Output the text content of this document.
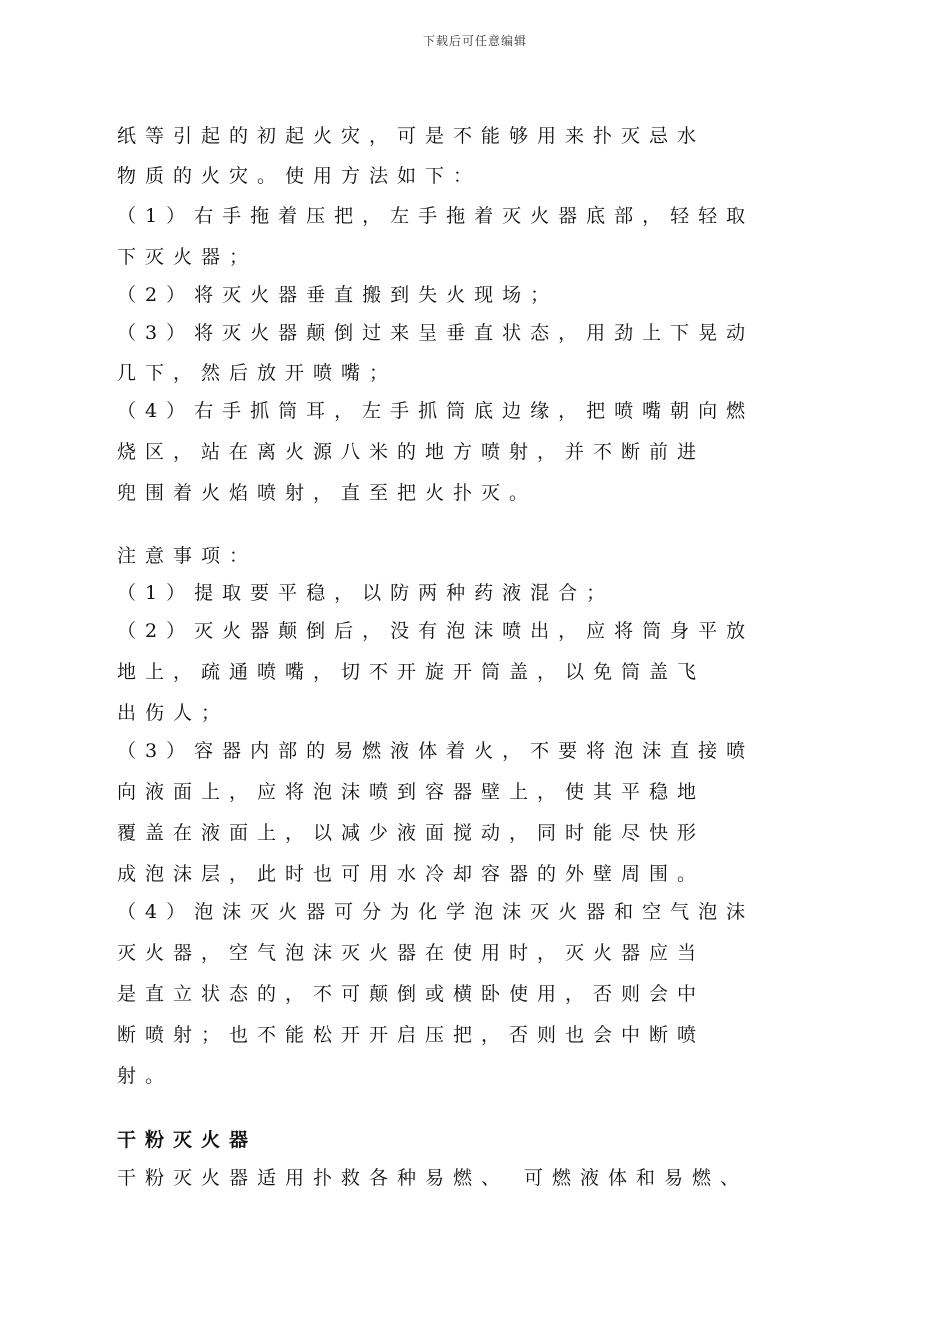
下载后可任意编辑
纸等引起的初起火灾，可是不能够用来扑灭忌水
物质的火灾。使用方法如下：
（1）右手拖着压把，左手拖着灭火器底部，轻轻取
下灭火器；
（2）将灭火器垂直搬到失火现场；
（3）将灭火器颠倒过来呈垂直状态，用劲上下晃动
几下，然后放开喷嘴；
（4）右手抓筒耳，左手抓筒底边缘，把喷嘴朝向燃
烧区，站在离火源八米的地方喷射，并不断前进
兜围着火焰喷射，直至把火扑灭。
注意事项：
（1）提取要平稳，以防两种药液混合；
（2）灭火器颠倒后，没有泡沫喷出，应将筒身平放
地上，疏通喷嘴，切不开旋开筒盖，以免筒盖飞
出伤人；
（3）容器内部的易燃液体着火，不要将泡沫直接喷
向液面上，应将泡沫喷到容器壁上，使其平稳地
覆盖在液面上，以减少液面搅动，同时能尽快形
成泡沫层，此时也可用水冷却容器的外壁周围。
（4）泡沫灭火器可分为化学泡沫灭火器和空气泡沫
灭火器，空气泡沫灭火器在使用时，灭火器应当
是直立状态的，不可颠倒或横卧使用，否则会中
断喷射；也不能松开开启压把，否则也会中断喷
射。
干粉灭火器
干粉灭火器适用扑救各种易燃、 可燃液体和易燃、
